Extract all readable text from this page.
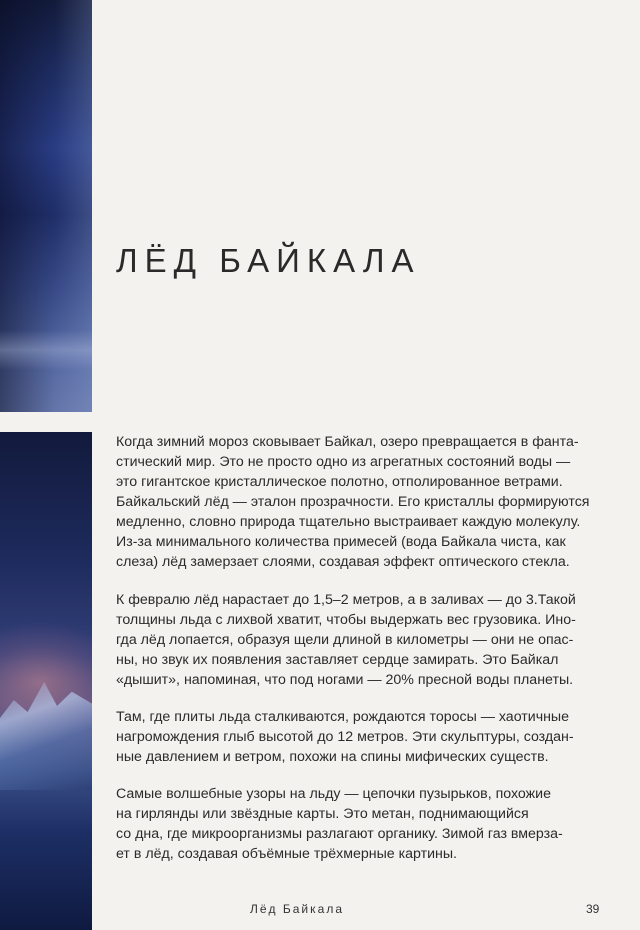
ЛЁД БАЙКАЛА

Когда зимний мороз сковывает Байкал, озеро превращается в фанта-
стический мир. Это не просто одно из агрегатных состояний воды —
это гигантское кристаллическое полотно, отполированное ветрами.
Байкальский лёд — эталон прозрачности. Его кристаллы формируются
медленно, словно природа тщательно выстраивает каждую молекулу.
Из-за минимального количества примесей (вода Байкала чиста, как
слеза) лёд замерзает слоями, создавая эффект оптического стекла.

К февралю лёд нарастает до 1,5–2 метров, а в заливах — до 3.Такой
толщины льда с лихвой хватит, чтобы выдержать вес грузовика. Ино-
гда лёд лопается, образуя щели длиной в километры — они не опас-
ны, но звук их появления заставляет сердце замирать. Это Байкал
«дышит», напоминая, что под ногами — 20% пресной воды планеты.

Там, где плиты льда сталкиваются, рождаются торосы — хаотичные
нагромождения глыб высотой до 12 метров. Эти скульптуры, создан-
ные давлением и ветром, похожи на спины мифических существ.

Самые волшебные узоры на льду — цепочки пузырьков, похожие
на гирлянды или звёздные карты. Это метан, поднимающийся
со дна, где микроорганизмы разлагают органику. Зимой газ вмерза-
ет в лёд, создавая объёмные трёхмерные картины.

Лёд Байкала	39
